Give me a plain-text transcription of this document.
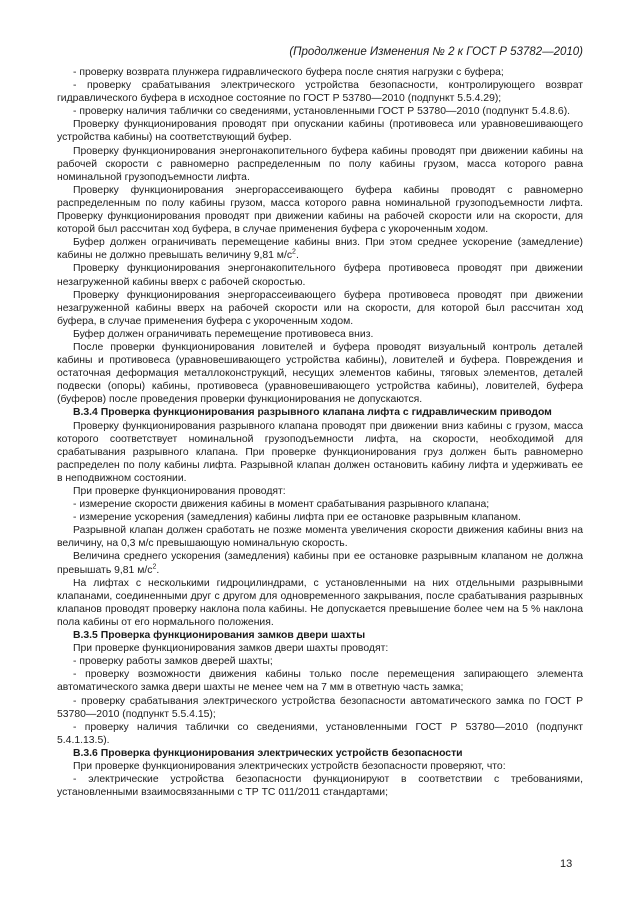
(Продолжение Изменения № 2 к ГОСТ Р 53782—2010)

- проверку возврата плунжера гидравлического буфера после снятия нагрузки с буфера;

- проверку срабатывания электрического устройства безопасности, контролирующего возврат гидравлического буфера в исходное состояние по ГОСТ Р 53780—2010 (подпункт 5.5.4.29);

- проверку наличия таблички со сведениями, установленными ГОСТ Р 53780—2010 (подпункт 5.4.8.6).

Проверку функционирования проводят при опускании кабины (противовеса или уравновешивающего устройства кабины) на соответствующий буфер.

Проверку функционирования энергонакопительного буфера кабины проводят при движении кабины на рабочей скорости с равномерно распределенным по полу кабины грузом, масса которого равна номинальной грузоподъемности лифта.

Проверку функционирования энергорассеивающего буфера кабины проводят с равномерно распределенным по полу кабины грузом, масса которого равна номинальной грузоподъемности лифта. Проверку функционирования проводят при движении кабины на рабочей скорости или на скорости, для которой был рассчитан ход буфера, в случае применения буфера с укороченным ходом.

Буфер должен ограничивать перемещение кабины вниз. При этом среднее ускорение (замедление) кабины не должно превышать величину 9,81 $м/с^2$.

Проверку функционирования энергонакопительного буфера противовеса проводят при движении незагруженной кабины вверх с рабочей скоростью.

Проверку функционирования энергорассеивающего буфера противовеса проводят при движении незагруженной кабины вверх на рабочей скорости или на скорости, для которой был рассчитан ход буфера, в случае применения буфера с укороченным ходом.

Буфер должен ограничивать перемещение противовеса вниз.

После проверки функционирования ловителей и буфера проводят визуальный контроль деталей кабины и противовеса (уравновешивающего устройства кабины), ловителей и буфера. Повреждения и остаточная деформация металлоконструкций, несущих элементов кабины, тяговых элементов, деталей подвески (опоры) кабины, противовеса (уравновешивающего устройства кабины), ловителей, буфера (буферов) после проведения проверки функционирования не допускаются.

В.3.4 Проверка функционирования разрывного клапана лифта с гидравлическим приводом

Проверку функционирования разрывного клапана проводят при движении вниз кабины с грузом, масса которого соответствует номинальной грузоподъемности лифта, на скорости, необходимой для срабатывания разрывного клапана. При проверке функционирования груз должен быть равномерно распределен по полу кабины лифта. Разрывной клапан должен остановить кабину лифта и удерживать ее в неподвижном состоянии.

При проверке функционирования проводят:

- измерение скорости движения кабины в момент срабатывания разрывного клапана;

- измерение ускорения (замедления) кабины лифта при ее остановке разрывным клапаном.

Разрывной клапан должен сработать не позже момента увеличения скорости движения кабины вниз на величину, на 0,3 м/с превышающую номинальную скорость.

Величина среднего ускорения (замедления) кабины при ее остановке разрывным клапаном не должна превышать 9,81 $м/с^2$.

На лифтах с несколькими гидроцилиндрами, с установленными на них отдельными разрывными клапанами, соединенными друг с другом для одновременного закрывания, после срабатывания разрывных клапанов проводят проверку наклона пола кабины. Не допускается превышение более чем на 5 % наклона пола кабины от его нормального положения.

В.3.5 Проверка функционирования замков двери шахты

При проверке функционирования замков двери шахты проводят:

- проверку работы замков дверей шахты;

- проверку возможности движения кабины только после перемещения запирающего элемента автоматического замка двери шахты не менее чем на 7 мм в ответную часть замка;

- проверку срабатывания электрического устройства безопасности автоматического замка по ГОСТ Р 53780—2010 (подпункт 5.5.4.15);

- проверку наличия таблички со сведениями, установленными ГОСТ Р 53780—2010 (подпункт 5.4.1.13.5).

В.3.6 Проверка функционирования электрических устройств безопасности

При проверке функционирования электрических устройств безопасности проверяют, что:

- электрические устройства безопасности функционируют в соответствии с требованиями, установленными взаимосвязанными с ТР ТС 011/2011 стандартами;

13
